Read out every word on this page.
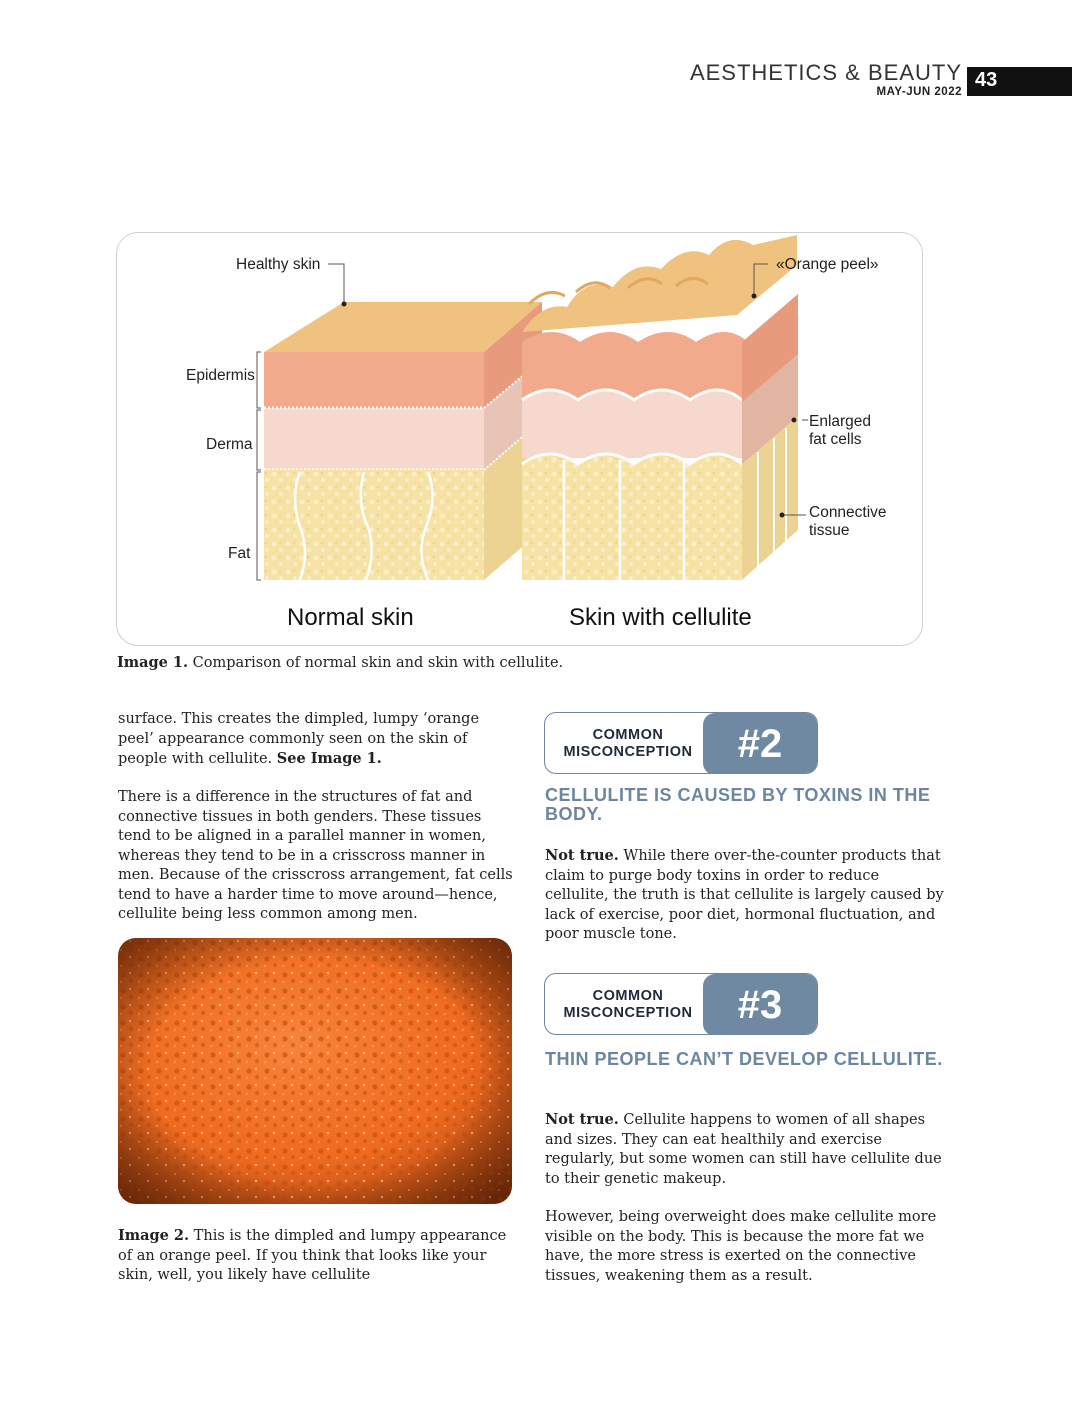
AESTHETICS & BEAUTY
MAY-JUN 2022
43
Healthy skin	«Orange peel»
Epidermis
Derma
Fat
Enlarged
fat cells
Connective
tissue
Normal skin	Skin with cellulite
Image 1. Comparison of normal skin and skin with cellulite.
surface. This creates the dimpled, lumpy ‘orange peel’ appearance commonly seen on the skin of people with cellulite. See Image 1.
There is a difference in the structures of fat and connective tissues in both genders. These tissues tend to be aligned in a parallel manner in women, whereas they tend to be in a crisscross manner in men. Because of the crisscross arrangement, fat cells tend to have a harder time to move around—hence, cellulite being less common among men.
Image 2. This is the dimpled and lumpy appearance of an orange peel. If you think that looks like your skin, well, you likely have cellulite
COMMON MISCONCEPTION	#2
CELLULITE IS CAUSED BY TOXINS IN THE BODY.
Not true. While there over-the-counter products that claim to purge body toxins in order to reduce cellulite, the truth is that cellulite is largely caused by lack of exercise, poor diet, hormonal fluctuation, and poor muscle tone.
COMMON MISCONCEPTION	#3
THIN PEOPLE CAN’T DEVELOP CELLULITE.
Not true. Cellulite happens to women of all shapes and sizes. They can eat healthily and exercise regularly, but some women can still have cellulite due to their genetic makeup.
However, being overweight does make cellulite more visible on the body. This is because the more fat we have, the more stress is exerted on the connective tissues, weakening them as a result.
